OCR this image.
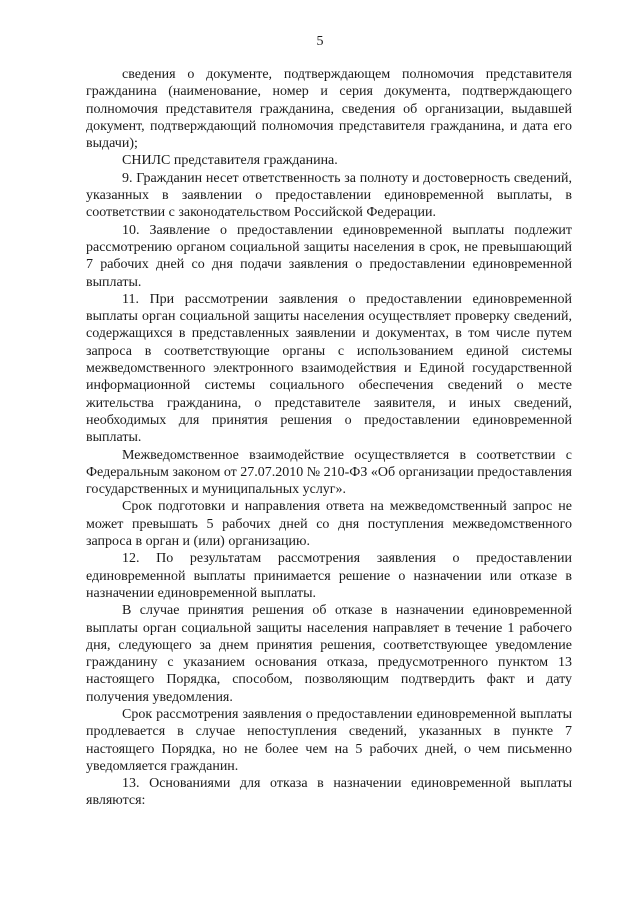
5

сведения о документе, подтверждающем полномочия представителя гражданина (наименование, номер и серия документа, подтверждающего полномочия представителя гражданина, сведения об организации, выдавшей документ, подтверждающий полномочия представителя гражданина, и дата его выдачи);

СНИЛС представителя гражданина.

9. Гражданин несет ответственность за полноту и достоверность сведений, указанных в заявлении о предоставлении единовременной выплаты, в соответствии с законодательством Российской Федерации.

10. Заявление о предоставлении единовременной выплаты подлежит рассмотрению органом социальной защиты населения в срок, не превышающий 7 рабочих дней со дня подачи заявления о предоставлении единовременной выплаты.

11. При рассмотрении заявления о предоставлении единовременной выплаты орган социальной защиты населения осуществляет проверку сведений, содержащихся в представленных заявлении и документах, в том числе путем запроса в соответствующие органы с использованием единой системы межведомственного электронного взаимодействия и Единой государственной информационной системы социального обеспечения сведений о месте жительства гражданина, о представителе заявителя, и иных сведений, необходимых для принятия решения о предоставлении единовременной выплаты.

Межведомственное взаимодействие осуществляется в соответствии с Федеральным законом от 27.07.2010 № 210-ФЗ «Об организации предоставления государственных и муниципальных услуг».

Срок подготовки и направления ответа на межведомственный запрос не может превышать 5 рабочих дней со дня поступления межведомственного запроса в орган и (или) организацию.

12. По результатам рассмотрения заявления о предоставлении единовременной выплаты принимается решение о назначении или отказе в назначении единовременной выплаты.

В случае принятия решения об отказе в назначении единовременной выплаты орган социальной защиты населения направляет в течение 1 рабочего дня, следующего за днем принятия решения, соответствующее уведомление гражданину с указанием основания отказа, предусмотренного пунктом 13 настоящего Порядка, способом, позволяющим подтвердить факт и дату получения уведомления.

Срок рассмотрения заявления о предоставлении единовременной выплаты продлевается в случае непоступления сведений, указанных в пункте 7 настоящего Порядка, но не более чем на 5 рабочих дней, о чем письменно уведомляется гражданин.

13. Основаниями для отказа в назначении единовременной выплаты являются:
